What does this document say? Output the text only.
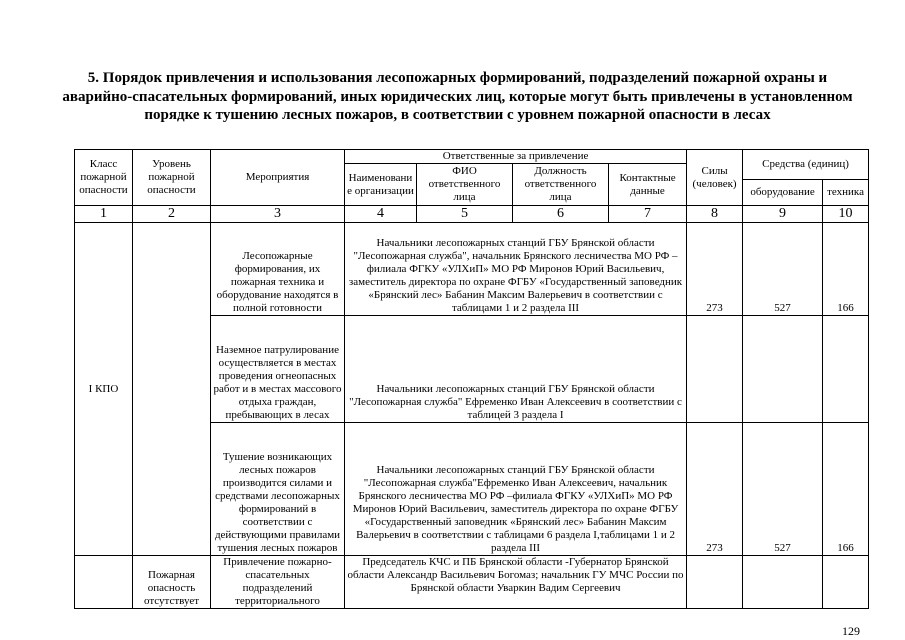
5. Порядок привлечения и использования лесопожарных формирований, подразделений пожарной охраны и аварийно-спасательных формирований, иных юридических лиц, которые могут быть привлечены в установленном порядке к тушению лесных пожаров, в соответствии с уровнем пожарной опасности в лесах
Класс пожарной опасности	Уровень пожарной опасности	Мероприятия	Ответственные за привлечение				Силы (человек)	Средства (единиц)	
			Наименовани е организации	ФИО ответственного лица	Должность ответственного лица	Контактные данные			
								оборудование	техника
1	2	3	4	5	6	7	8	9	10
I КПО		Лесопожарные формирования, их пожарная техника и оборудование находятся в полной готовности	Начальники лесопожарных станций ГБУ Брянской области "Лесопожарная служба", начальник Брянского лесничества МО РФ –филиала ФГКУ «УЛХиП» МО РФ Миронов Юрий Васильевич, заместитель директора по охране ФГБУ «Государственный заповедник «Брянский лес» Бабанин Максим Валерьевич в соответствии с таблицами 1 и 2 раздела III				273	527	166
		Наземное патрулирование осуществляется в местах проведения огнеопасных работ и в местах массового отдыха граждан, пребывающих в лесах	Начальники лесопожарных станций ГБУ Брянской области "Лесопожарная служба" Ефременко Иван Алексеевич в соответствии с таблицей 3 раздела I						
		Тушение возникающих лесных пожаров производится силами и средствами лесопожарных формирований в соответствии с действующими правилами тушения лесных пожаров	Начальники лесопожарных станций ГБУ Брянской области "Лесопожарная служба"Ефременко Иван Алексеевич, начальник Брянского лесничества МО РФ –филиала ФГКУ «УЛХиП» МО РФ Миронов Юрий Васильевич, заместитель директора по охране ФГБУ «Государственный заповедник «Брянский лес» Бабанин Максим Валерьевич в соответствии с таблицами 6 раздела I,таблицами 1 и 2 раздела III				273	527	166
	Пожарная опасность отсутствует	Привлечение пожарно-спасательных подразделений территориального	Председатель КЧС и ПБ Брянской области -Губернатор Брянской области Александр Васильевич Богомаз; начальник ГУ МЧС России по Брянской области Уваркин Вадим Сергеевич						
129
